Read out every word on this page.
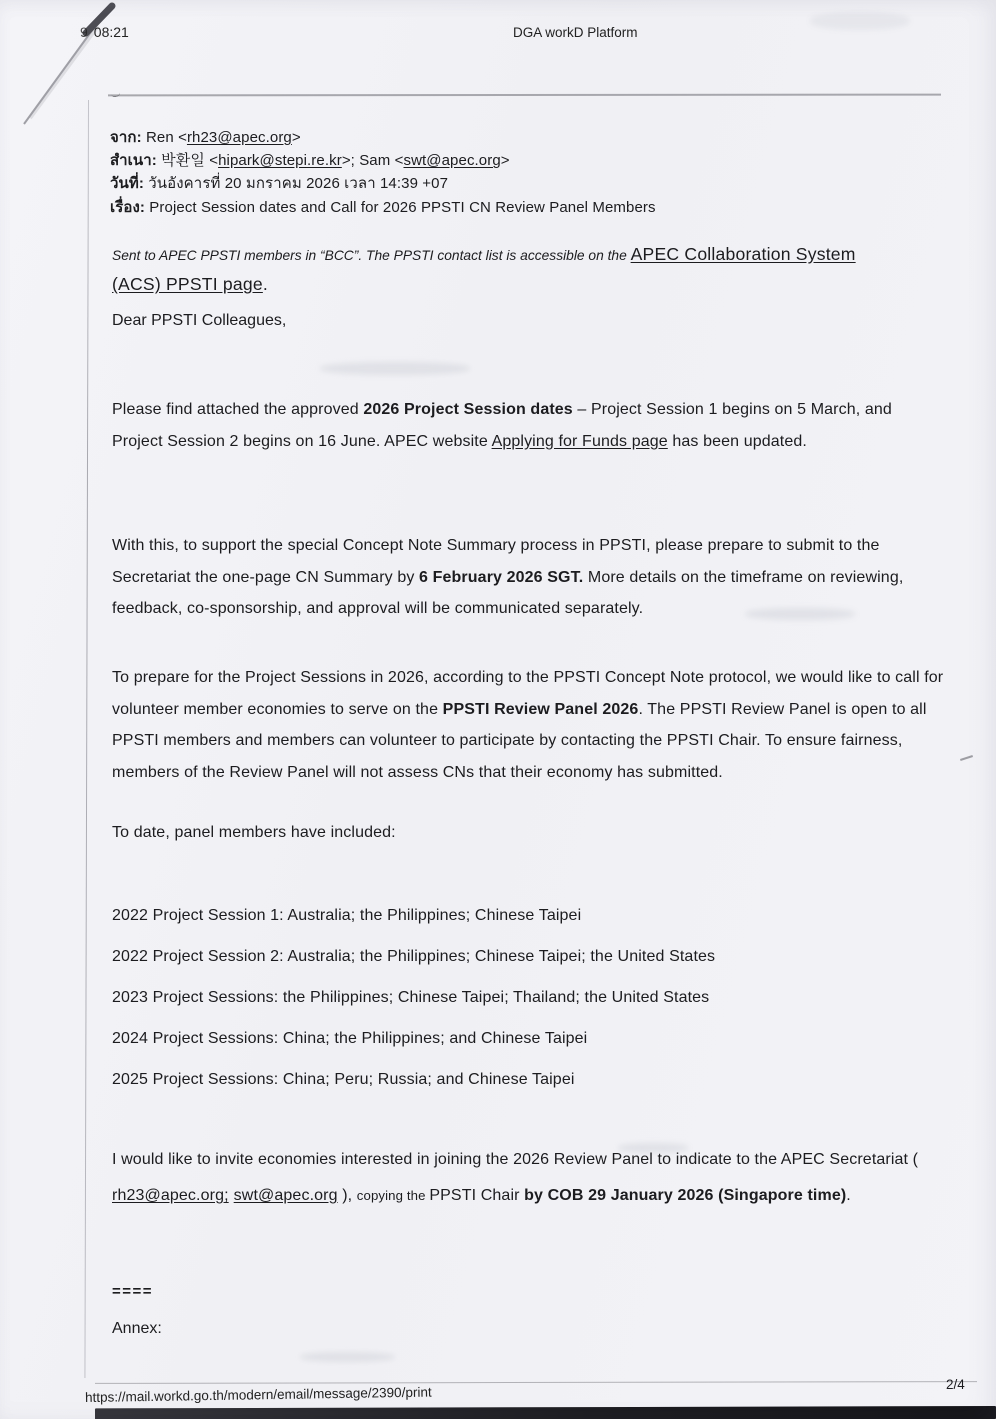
9 08:21	DGA workD Platform
จาก: Ren <rh23@apec.org>
สำเนา: 박환일 <hipark@stepi.re.kr>; Sam <swt@apec.org>
วันที่: วันอังคารที่ 20 มกราคม 2026 เวลา 14:39 +07
เรื่อง: Project Session dates and Call for 2026 PPSTI CN Review Panel Members
Sent to APEC PPSTI members in “BCC”. The PPSTI contact list is accessible on the APEC Collaboration System
(ACS) PPSTI page.
Dear PPSTI Colleagues,
Please find attached the approved 2026 Project Session dates – Project Session 1 begins on 5 March, and Project Session 2 begins on 16 June. APEC website Applying for Funds page has been updated.
With this, to support the special Concept Note Summary process in PPSTI, please prepare to submit to the Secretariat the one-page CN Summary by 6 February 2026 SGT. More details on the timeframe on reviewing, feedback, co-sponsorship, and approval will be communicated separately.
To prepare for the Project Sessions in 2026, according to the PPSTI Concept Note protocol, we would like to call for volunteer member economies to serve on the PPSTI Review Panel 2026. The PPSTI Review Panel is open to all PPSTI members and members can volunteer to participate by contacting the PPSTI Chair. To ensure fairness, members of the Review Panel will not assess CNs that their economy has submitted.
To date, panel members have included:
2022 Project Session 1: Australia; the Philippines; Chinese Taipei
2022 Project Session 2: Australia; the Philippines; Chinese Taipei; the United States
2023 Project Sessions: the Philippines; Chinese Taipei; Thailand; the United States
2024 Project Sessions: China; the Philippines; and Chinese Taipei
2025 Project Sessions: China; Peru; Russia; and Chinese Taipei
I would like to invite economies interested in joining the 2026 Review Panel to indicate to the APEC Secretariat ( rh23@apec.org; swt@apec.org ), copying the PPSTI Chair by COB 29 January 2026 (Singapore time).
====
Annex:
https://mail.workd.go.th/modern/email/message/2390/print
2/4
